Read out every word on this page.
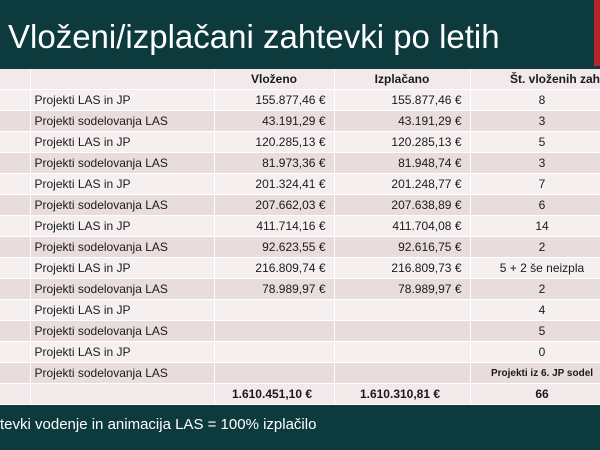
Vloženi/izplačani zahtevki po letih
		Vloženo	Izplačano	Št. vloženih zah
	Projekti LAS in JP	155.877,46 €	155.877,46 €	8
	Projekti sodelovanja LAS	43.191,29 €	43.191,29 €	3
	Projekti LAS in JP	120.285,13 €	120.285,13 €	5
	Projekti sodelovanja LAS	81.973,36 €	81.948,74 €	3
	Projekti LAS in JP	201.324,41 €	201.248,77 €	7
	Projekti sodelovanja LAS	207.662,03 €	207.638,89 €	6
	Projekti LAS in JP	411.714,16 €	411.704,08 €	14
	Projekti sodelovanja LAS	92.623,55 €	92.616,75 €	2
	Projekti LAS in JP	216.809,74 €	216.809,73 €	5 + 2 še neizpla
	Projekti sodelovanja LAS	78.989,97 €	78.989,97 €	2
	Projekti LAS in JP			4
	Projekti sodelovanja LAS			5
	Projekti LAS in JP			0
	Projekti sodelovanja LAS			Projekti iz 6. JP sodel
		1.610.451,10 €	1.610.310,81 €	66
tevki vodenje in animacija LAS = 100% izplačilo
